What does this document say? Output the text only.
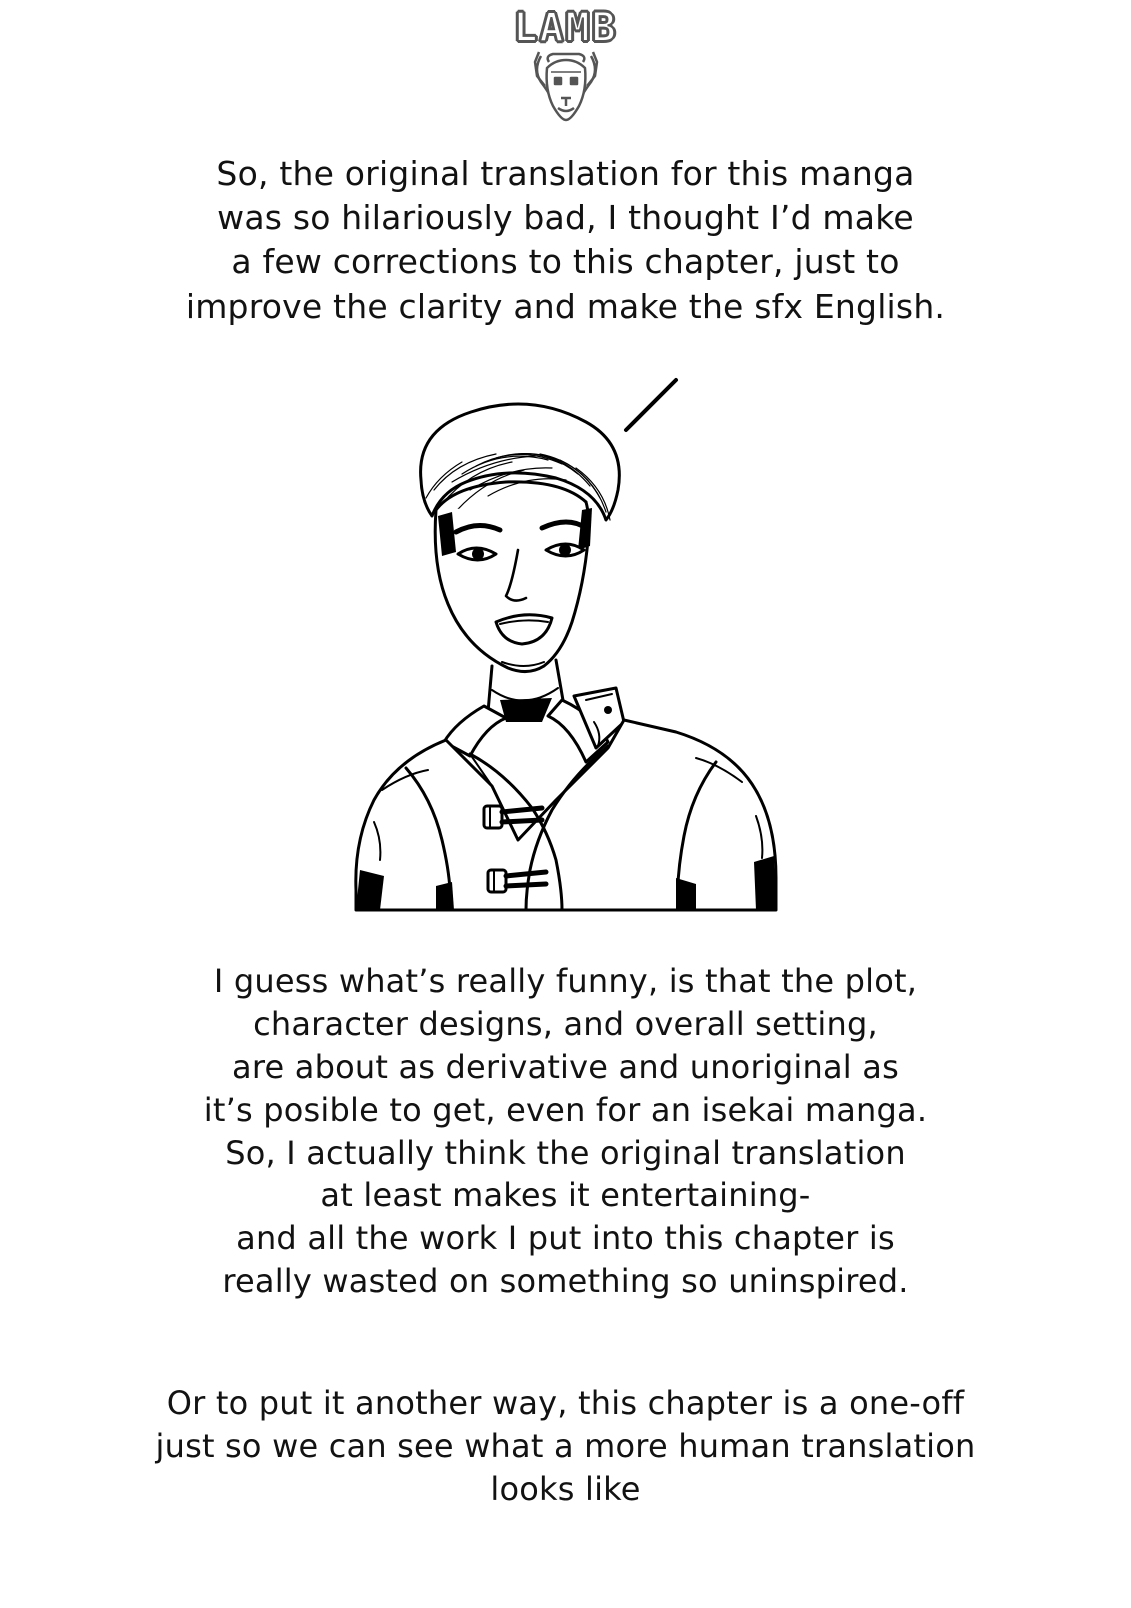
LAMB
So, the original translation for this manga
was so hilariously bad, I thought I’d make
a few corrections to this chapter, just to
improve the clarity and make the sfx English.
I guess what’s really funny, is that the plot,
character designs, and overall setting,
are about as derivative and unoriginal as
it’s posible to get, even for an isekai manga.
So, I actually think the original translation
at least makes it entertaining-
and all the work I put into this chapter is
really wasted on something so uninspired.
Or to put it another way, this chapter is a one-off
just so we can see what a more human translation
looks like
